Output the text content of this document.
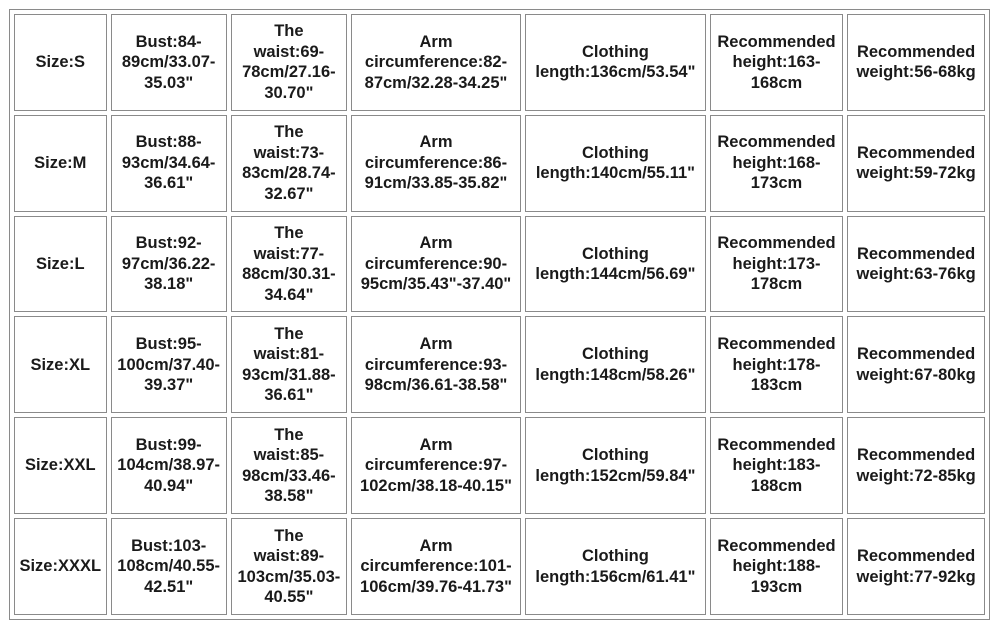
Size:S	Bust:84-
89cm/33.07-
35.03"	The
waist:69-
78cm/27.16-
30.70"	Arm
circumference:82-
87cm/32.28-34.25"	Clothing
length:136cm/53.54"	Recommended
height:163-
168cm	Recommended
weight:56-68kg
Size:M	Bust:88-
93cm/34.64-
36.61"	The
waist:73-
83cm/28.74-
32.67"	Arm
circumference:86-
91cm/33.85-35.82"	Clothing
length:140cm/55.11"	Recommended
height:168-
173cm	Recommended
weight:59-72kg
Size:L	Bust:92-
97cm/36.22-
38.18"	The
waist:77-
88cm/30.31-
34.64"	Arm
circumference:90-
95cm/35.43"-37.40"	Clothing
length:144cm/56.69"	Recommended
height:173-
178cm	Recommended
weight:63-76kg
Size:XL	Bust:95-
100cm/37.40-
39.37"	The
waist:81-
93cm/31.88-
36.61"	Arm
circumference:93-
98cm/36.61-38.58"	Clothing
length:148cm/58.26"	Recommended
height:178-
183cm	Recommended
weight:67-80kg
Size:XXL	Bust:99-
104cm/38.97-
40.94"	The
waist:85-
98cm/33.46-
38.58"	Arm
circumference:97-
102cm/38.18-40.15"	Clothing
length:152cm/59.84"	Recommended
height:183-
188cm	Recommended
weight:72-85kg
Size:XXXL	Bust:103-
108cm/40.55-
42.51"	The
waist:89-
103cm/35.03-
40.55"	Arm
circumference:101-
106cm/39.76-41.73"	Clothing
length:156cm/61.41"	Recommended
height:188-
193cm	Recommended
weight:77-92kg
